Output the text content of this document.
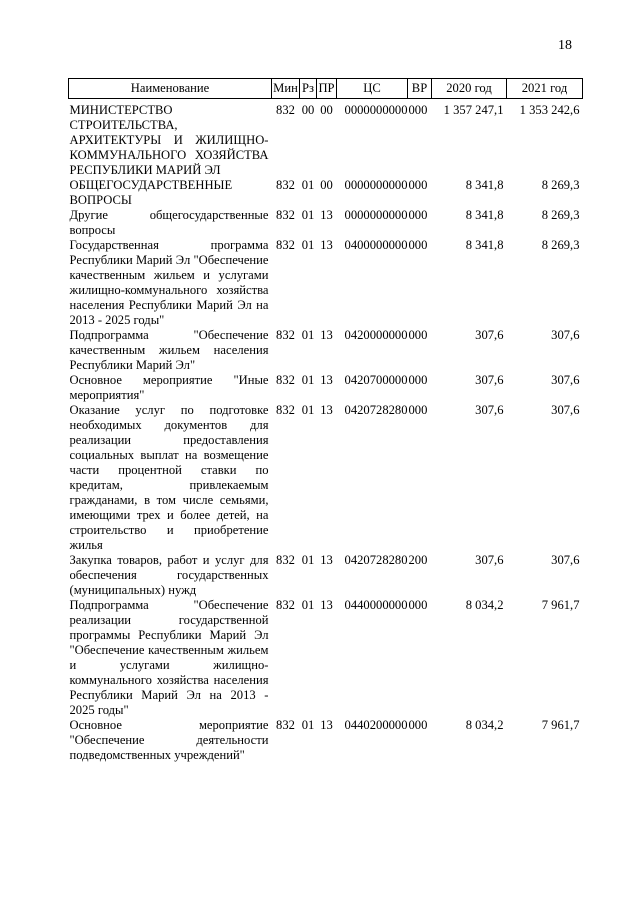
18
Наименование	Мин	Рз	ПР	ЦС	ВР	2020 год	2021 год
МИНИСТЕРСТВО СТРОИТЕЛЬСТВА, АРХИТЕКТУРЫ И ЖИЛИЩНО-КОММУНАЛЬНОГО ХОЗЯЙСТВА РЕСПУБЛИКИ МАРИЙ ЭЛ	832	00	00	0000000000	000	1 357 247,1	1 353 242,6
ОБЩЕГОСУДАРСТВЕННЫЕ ВОПРОСЫ	832	01	00	0000000000	000	8 341,8	8 269,3
Другие общегосударственные вопросы	832	01	13	0000000000	000	8 341,8	8 269,3
Государственная программа Республики Марий Эл "Обеспечение качественным жильем и услугами жилищно-коммунального хозяйства населения Республики Марий Эл на 2013 - 2025 годы"	832	01	13	0400000000	000	8 341,8	8 269,3
Подпрограмма "Обеспечение качественным жильем населения Республики Марий Эл"	832	01	13	0420000000	000	307,6	307,6
Основное мероприятие "Иные мероприятия"	832	01	13	0420700000	000	307,6	307,6
Оказание услуг по подготовке необходимых документов для реализации предоставления социальных выплат на возмещение части процентной ставки по кредитам, привлекаемым гражданами, в том числе семьями, имеющими трех и более детей, на строительство и приобретение жилья	832	01	13	0420728280	000	307,6	307,6
Закупка товаров, работ и услуг для обеспечения государственных (муниципальных) нужд	832	01	13	0420728280	200	307,6	307,6
Подпрограмма "Обеспечение реализации государственной программы Республики Марий Эл "Обеспечение качественным жильем и услугами жилищно-коммунального хозяйства населения Республики Марий Эл на 2013 - 2025 годы"	832	01	13	0440000000	000	8 034,2	7 961,7
Основное мероприятие "Обеспечение деятельности подведомственных учреждений"	832	01	13	0440200000	000	8 034,2	7 961,7
